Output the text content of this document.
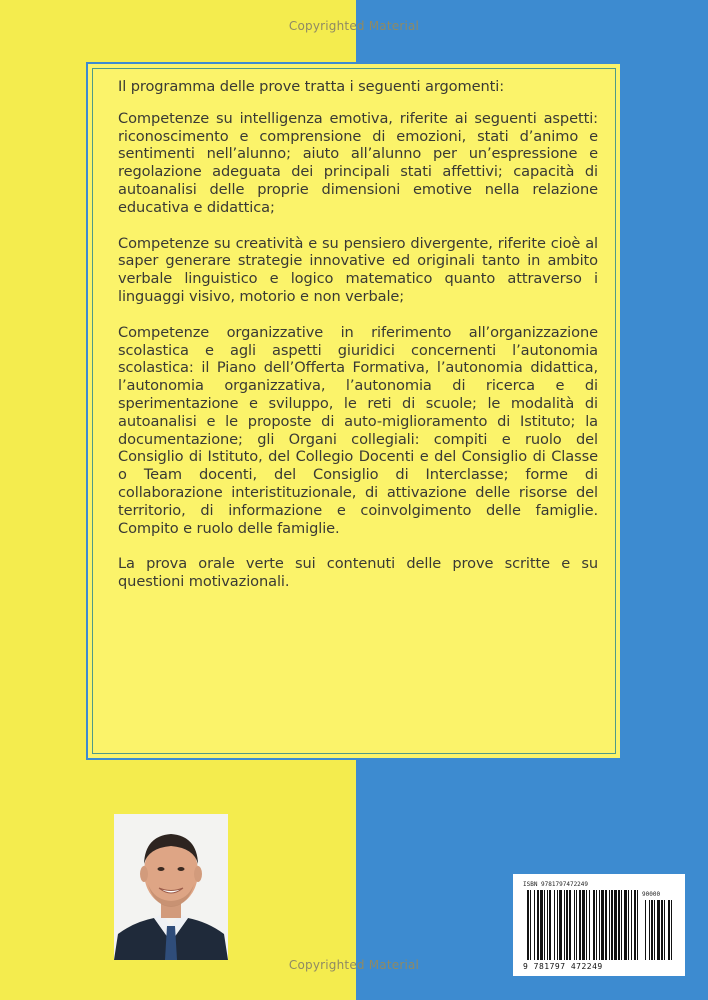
Copyrighted Material

Il programma delle prove tratta i seguenti argomenti:

Competenze su intelligenza emotiva, riferite ai seguenti aspetti: riconoscimento e comprensione di emozioni, stati d’animo e sentimenti nell’alunno; aiuto all’alunno per un’espressione e regolazione adeguata dei principali stati affettivi; capacità di autoanalisi delle proprie dimensioni emotive nella relazione educativa e didattica;

Competenze su creatività e su pensiero divergente, riferite cioè al saper generare strategie innovative ed originali tanto in ambito verbale linguistico e logico matematico quanto attraverso i linguaggi visivo, motorio e non verbale;

Competenze organizzative in riferimento all’organizzazione scolastica e agli aspetti giuridici concernenti l’autonomia scolastica: il Piano dell’Offerta Formativa, l’autonomia didattica, l’autonomia organizzativa, l’autonomia di ricerca e di sperimentazione e sviluppo, le reti di scuole; le modalità di autoanalisi e le proposte di auto-miglioramento di Istituto; la documentazione; gli Organi collegiali: compiti e ruolo del Consiglio di Istituto, del Collegio Docenti e del Consiglio di Classe o Team docenti, del Consiglio di Interclasse; forme di collaborazione interistituzionale, di attivazione delle risorse del territorio, di informazione e coinvolgimento delle famiglie. Compito e ruolo delle famiglie.

La prova orale verte sui contenuti delle prove scritte e su questioni motivazionali.

Copyrighted Material
ISBN 9781797472249
90000
9 781797 472249
